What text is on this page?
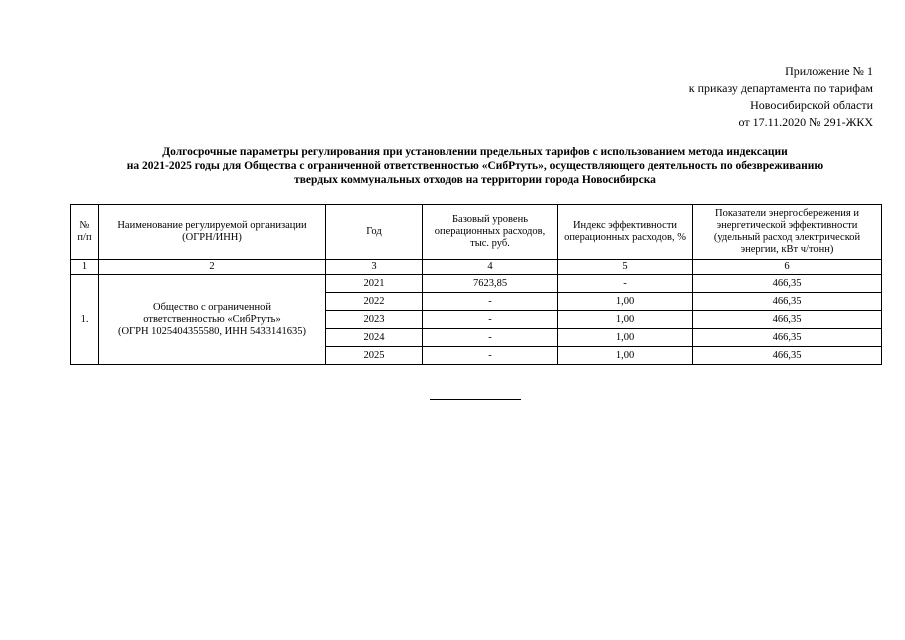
Приложение № 1
к приказу департамента по тарифам
Новосибирской области
от 17.11.2020 № 291-ЖКХ
Долгосрочные параметры регулирования при установлении предельных тарифов с использованием метода индексации
на 2021-2025 годы для Общества с ограниченной ответственностью «СибРтуть», осуществляющего деятельность по обезвреживанию
твердых коммунальных отходов на территории города Новосибирска
№ п/п	Наименование регулируемой организации (ОГРН/ИНН)	Год	Базовый уровень операционных расходов, тыс. руб.	Индекс эффективности операционных расходов, %	Показатели энергосбережения и энергетической эффективности (удельный расход электрической энергии, кВт ч/тонн)
1	2	3	4	5	6
1.	Общество с ограниченной
ответственностью «СибРтуть»
(ОГРН 1025404355580, ИНН 5433141635)	2021	7623,85	-	466,35
		2022	-	1,00	466,35
		2023	-	1,00	466,35
		2024	-	1,00	466,35
		2025	-	1,00	466,35
